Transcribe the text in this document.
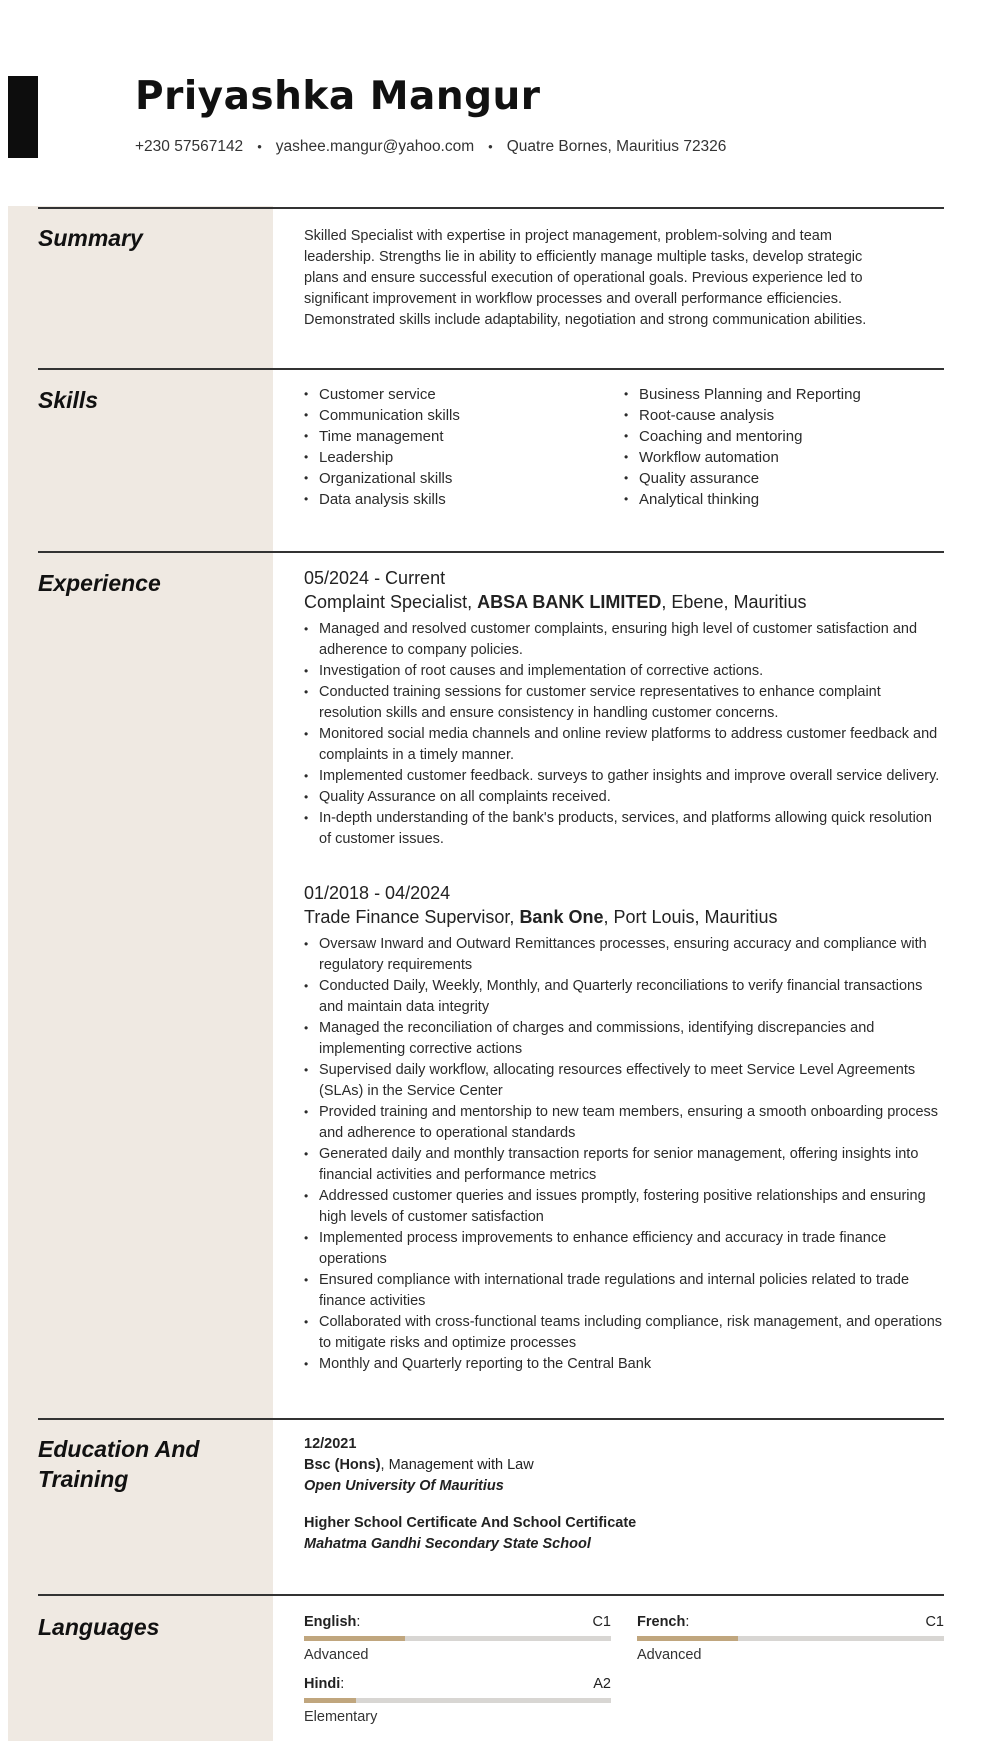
Priyashka Mangur
+230 57567142 • yashee.mangur@yahoo.com • Quatre Bornes, Mauritius 72326
Summary	Skilled Specialist with expertise in project management, problem-solving and team
leadership. Strengths lie in ability to efficiently manage multiple tasks, develop strategic
plans and ensure successful execution of operational goals. Previous experience led to
significant improvement in workflow processes and overall performance efficiencies.
Demonstrated skills include adaptability, negotiation and strong communication abilities.
Skills
•	Customer service
• Communication skills
• Time management
• Leadership
• Organizational skills
• Data analysis skills
• Business Planning and Reporting
• Root-cause analysis
• Coaching and mentoring
• Workflow automation
• Quality assurance
• Analytical thinking
Experience	05/2024 - Current
Complaint Specialist, ABSA BANK LIMITED, Ebene, Mauritius
• Managed and resolved customer complaints, ensuring high level of customer satisfaction and adherence to company policies.
• Investigation of root causes and implementation of corrective actions.
• Conducted training sessions for customer service representatives to enhance complaint resolution skills and ensure consistency in handling customer concerns.
• Monitored social media channels and online review platforms to address customer feedback and complaints in a timely manner.
• Implemented customer feedback. surveys to gather insights and improve overall service delivery.
• Quality Assurance on all complaints received.
• In-depth understanding of the bank's products, services, and platforms allowing quick resolution of customer issues.
01/2018 - 04/2024
Trade Finance Supervisor, Bank One, Port Louis, Mauritius
• Oversaw Inward and Outward Remittances processes, ensuring accuracy and compliance with regulatory requirements
• Conducted Daily, Weekly, Monthly, and Quarterly reconciliations to verify financial transactions and maintain data integrity
• Managed the reconciliation of charges and commissions, identifying discrepancies and implementing corrective actions
• Supervised daily workflow, allocating resources effectively to meet Service Level Agreements (SLAs) in the Service Center
• Provided training and mentorship to new team members, ensuring a smooth onboarding process and adherence to operational standards
• Generated daily and monthly transaction reports for senior management, offering insights into financial activities and performance metrics
• Addressed customer queries and issues promptly, fostering positive relationships and ensuring high levels of customer satisfaction
• Implemented process improvements to enhance efficiency and accuracy in trade finance operations
• Ensured compliance with international trade regulations and internal policies related to trade finance activities
• Collaborated with cross-functional teams including compliance, risk management, and operations to mitigate risks and optimize processes
• Monthly and Quarterly reporting to the Central Bank
Education And
Training
12/2021
Bsc (Hons), Management with Law
Open University Of Mauritius
Higher School Certificate And School Certificate
Mahatma Gandhi Secondary State School
Languages	English:	C1
Advanced
French:	C1
Advanced
Hindi:	A2
Elementary
